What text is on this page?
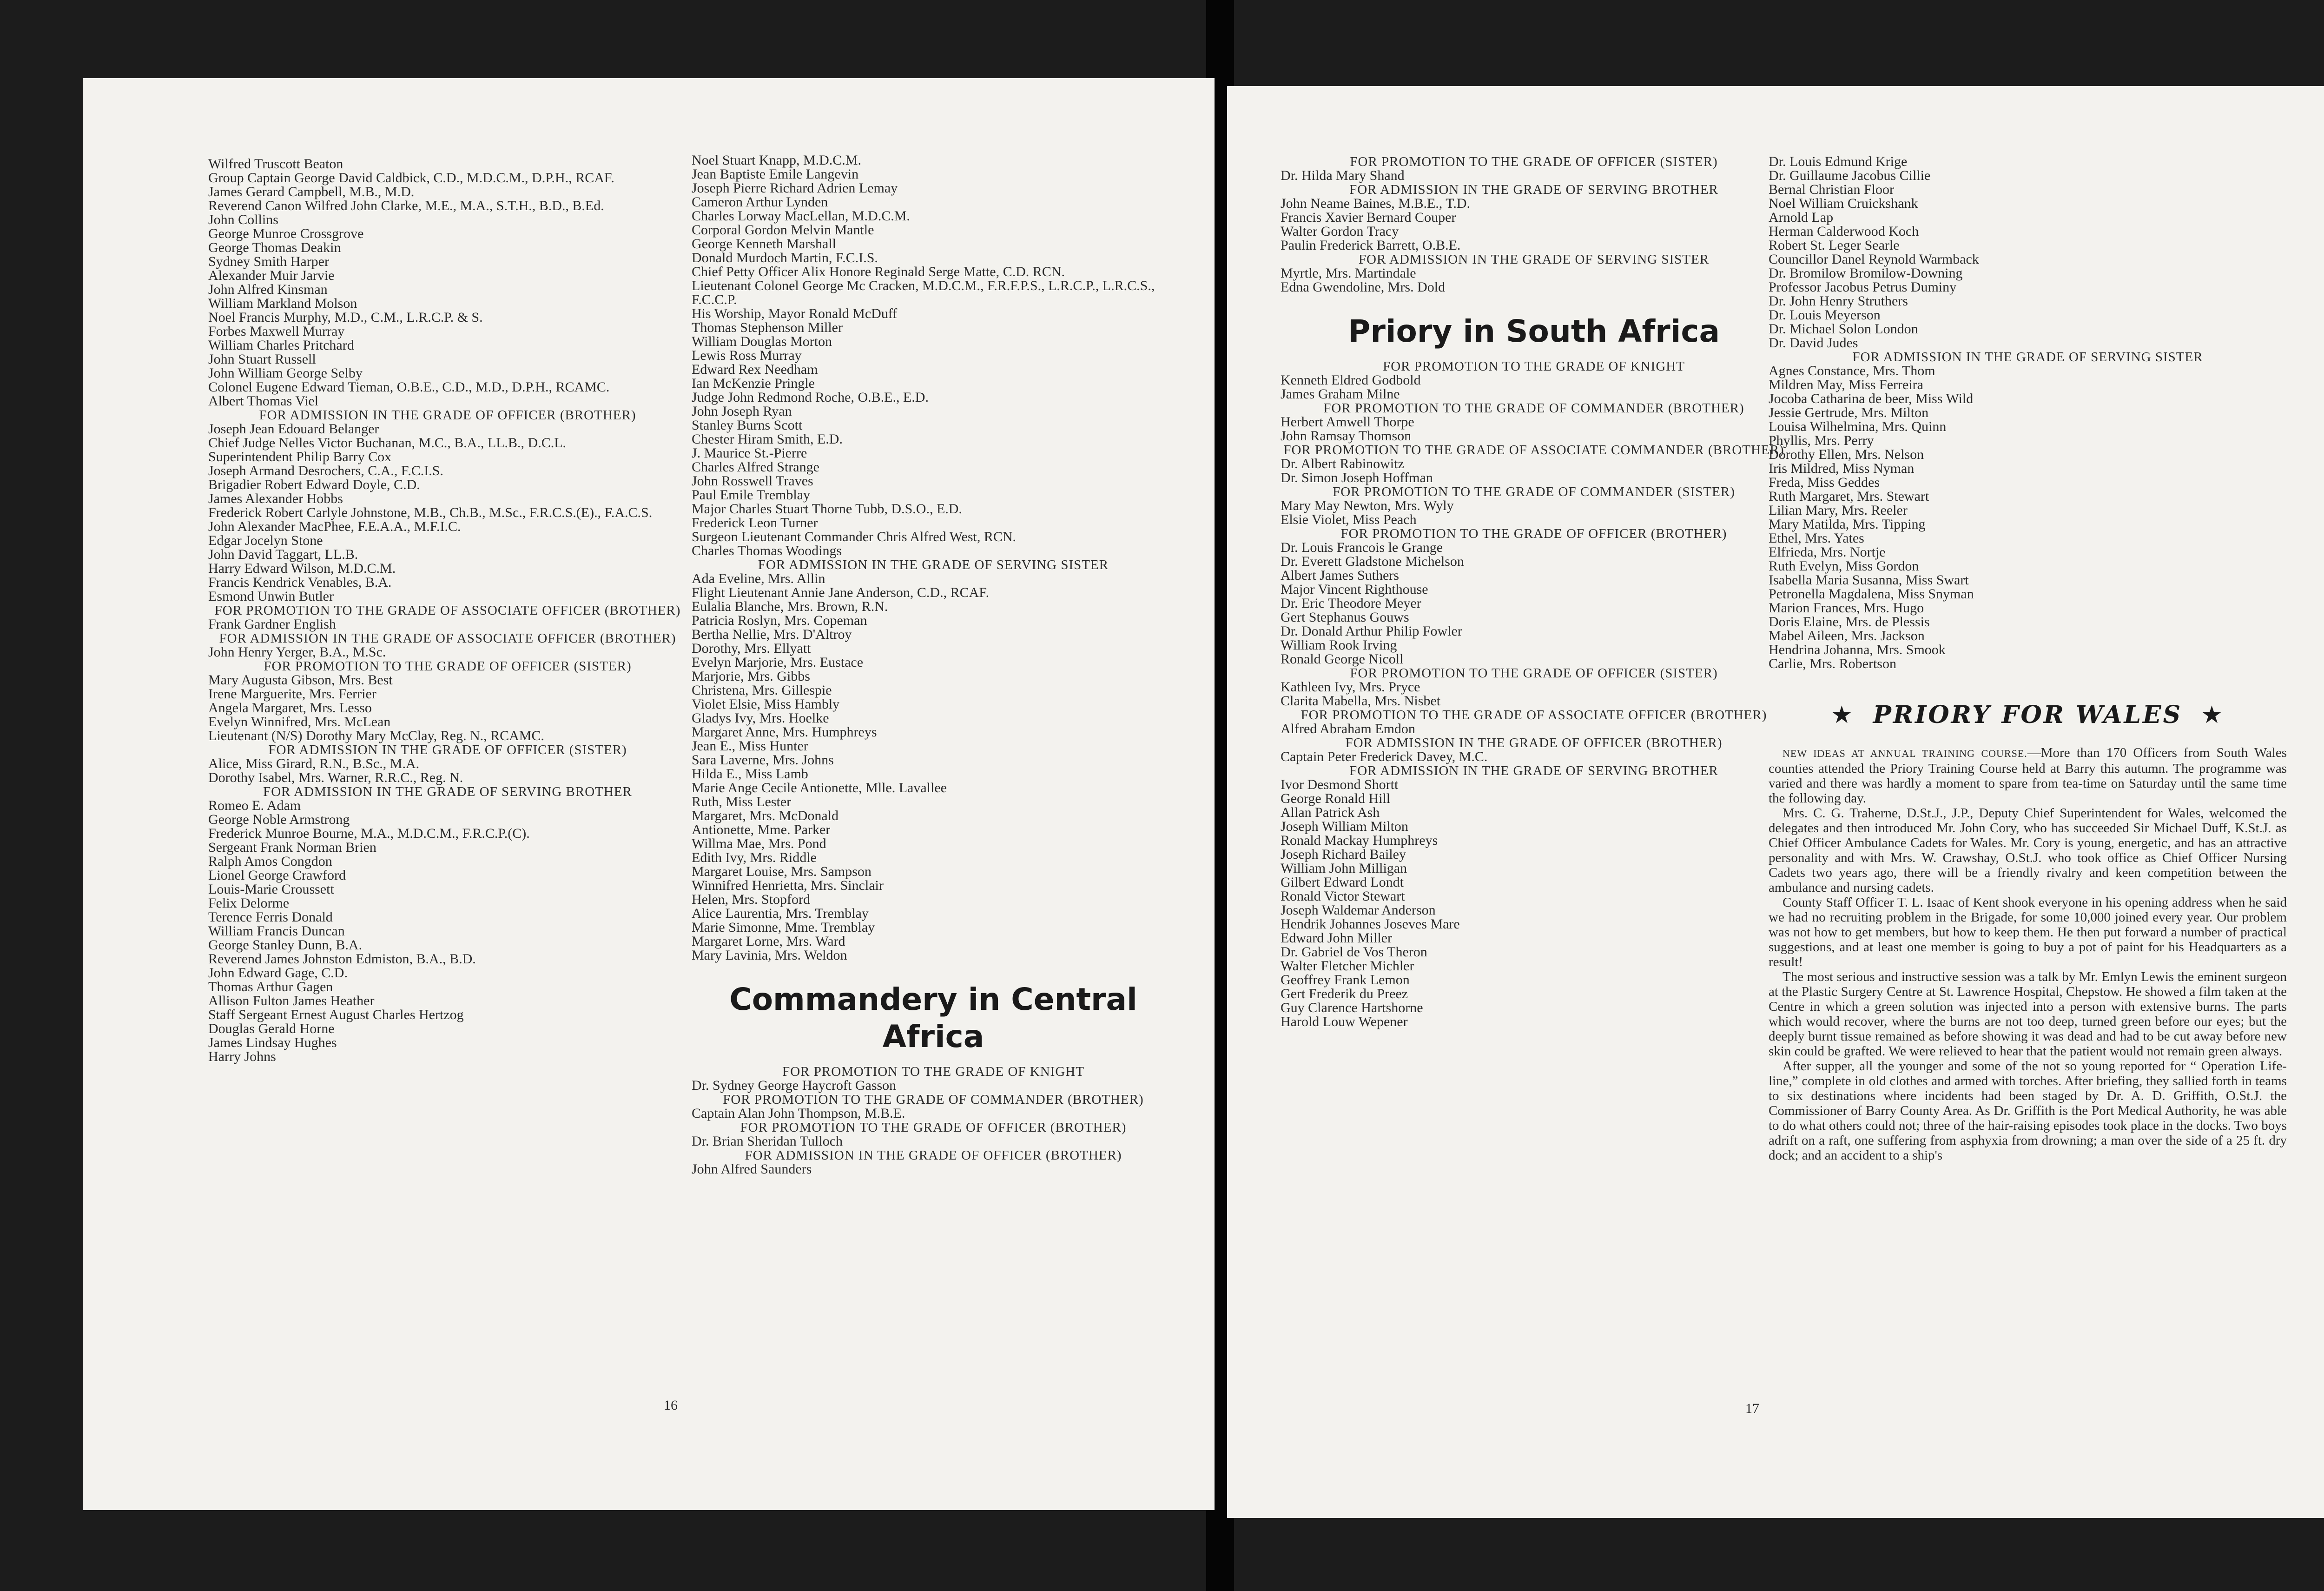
Wilfred Truscott Beaton

Group Captain George David Caldbick, C.D., M.D.C.M., D.P.H., RCAF.

James Gerard Campbell, M.B., M.D.

Reverend Canon Wilfred John Clarke, M.E., M.A., S.T.H., B.D., B.Ed.

John Collins

George Munroe Crossgrove

George Thomas Deakin

Sydney Smith Harper

Alexander Muir Jarvie

John Alfred Kinsman

William Markland Molson

Noel Francis Murphy, M.D., C.M., L.R.C.P. & S.

Forbes Maxwell Murray

William Charles Pritchard

John Stuart Russell

John William George Selby

Colonel Eugene Edward Tieman, O.B.E., C.D., M.D., D.P.H., RCAMC.

Albert Thomas Viel

FOR ADMISSION IN THE GRADE OF OFFICER (BROTHER)

Joseph Jean Edouard Belanger

Chief Judge Nelles Victor Buchanan, M.C., B.A., LL.B., D.C.L.

Superintendent Philip Barry Cox

Joseph Armand Desrochers, C.A., F.C.I.S.

Brigadier Robert Edward Doyle, C.D.

James Alexander Hobbs

Frederick Robert Carlyle Johnstone, M.B., Ch.B., M.Sc., F.R.C.S.(E)., F.A.C.S.

John Alexander MacPhee, F.E.A.A., M.F.I.C.

Edgar Jocelyn Stone

John David Taggart, LL.B.

Harry Edward Wilson, M.D.C.M.

Francis Kendrick Venables, B.A.

Esmond Unwin Butler

FOR PROMOTION TO THE GRADE OF ASSOCIATE OFFICER (BROTHER)

Frank Gardner English

FOR ADMISSION IN THE GRADE OF ASSOCIATE OFFICER (BROTHER)

John Henry Yerger, B.A., M.Sc.

FOR PROMOTION TO THE GRADE OF OFFICER (SISTER)

Mary Augusta Gibson, Mrs. Best

Irene Marguerite, Mrs. Ferrier

Angela Margaret, Mrs. Lesso

Evelyn Winnifred, Mrs. McLean

Lieutenant (N/S) Dorothy Mary McClay, Reg. N., RCAMC.

FOR ADMISSION IN THE GRADE OF OFFICER (SISTER)

Alice, Miss Girard, R.N., B.Sc., M.A.

Dorothy Isabel, Mrs. Warner, R.R.C., Reg. N.

FOR ADMISSION IN THE GRADE OF SERVING BROTHER

Romeo E. Adam

George Noble Armstrong

Frederick Munroe Bourne, M.A., M.D.C.M., F.R.C.P.(C).

Sergeant Frank Norman Brien

Ralph Amos Congdon

Lionel George Crawford

Louis-Marie Croussett

Felix Delorme

Terence Ferris Donald

William Francis Duncan

George Stanley Dunn, B.A.

Reverend James Johnston Edmiston, B.A., B.D.

John Edward Gage, C.D.

Thomas Arthur Gagen

Allison Fulton James Heather

Staff Sergeant Ernest August Charles Hertzog

Douglas Gerald Horne

James Lindsay Hughes

Harry Johns

Noel Stuart Knapp, M.D.C.M.

Jean Baptiste Emile Langevin

Joseph Pierre Richard Adrien Lemay

Cameron Arthur Lynden

Charles Lorway MacLellan, M.D.C.M.

Corporal Gordon Melvin Mantle

George Kenneth Marshall

Donald Murdoch Martin, F.C.I.S.

Chief Petty Officer Alix Honore Reginald Serge Matte, C.D. RCN.

Lieutenant Colonel George Mc Cracken, M.D.C.M., F.R.F.P.S., L.R.C.P., L.R.C.S., F.C.C.P.

His Worship, Mayor Ronald McDuff

Thomas Stephenson Miller

William Douglas Morton

Lewis Ross Murray

Edward Rex Needham

Ian McKenzie Pringle

Judge John Redmond Roche, O.B.E., E.D.

John Joseph Ryan

Stanley Burns Scott

Chester Hiram Smith, E.D.

J. Maurice St.-Pierre

Charles Alfred Strange

John Rosswell Traves

Paul Emile Tremblay

Major Charles Stuart Thorne Tubb, D.S.O., E.D.

Frederick Leon Turner

Surgeon Lieutenant Commander Chris Alfred West, RCN.

Charles Thomas Woodings

FOR ADMISSION IN THE GRADE OF SERVING SISTER

Ada Eveline, Mrs. Allin

Flight Lieutenant Annie Jane Anderson, C.D., RCAF.

Eulalia Blanche, Mrs. Brown, R.N.

Patricia Roslyn, Mrs. Copeman

Bertha Nellie, Mrs. D'Altroy

Dorothy, Mrs. Ellyatt

Evelyn Marjorie, Mrs. Eustace

Marjorie, Mrs. Gibbs

Christena, Mrs. Gillespie

Violet Elsie, Miss Hambly

Gladys Ivy, Mrs. Hoelke

Margaret Anne, Mrs. Humphreys

Jean E., Miss Hunter

Sara Laverne, Mrs. Johns

Hilda E., Miss Lamb

Marie Ange Cecile Antionette, Mlle. Lavallee

Ruth, Miss Lester

Margaret, Mrs. McDonald

Antionette, Mme. Parker

Willma Mae, Mrs. Pond

Edith Ivy, Mrs. Riddle

Margaret Louise, Mrs. Sampson

Winnifred Henrietta, Mrs. Sinclair

Helen, Mrs. Stopford

Alice Laurentia, Mrs. Tremblay

Marie Simonne, Mme. Tremblay

Margaret Lorne, Mrs. Ward

Mary Lavinia, Mrs. Weldon

Commandery in Central Africa

FOR PROMOTION TO THE GRADE OF KNIGHT

Dr. Sydney George Haycroft Gasson

FOR PROMOTION TO THE GRADE OF COMMANDER (BROTHER)

Captain Alan John Thompson, M.B.E.

FOR PROMOTION TO THE GRADE OF OFFICER (BROTHER)

Dr. Brian Sheridan Tulloch

FOR ADMISSION IN THE GRADE OF OFFICER (BROTHER)

John Alfred Saunders

16

FOR PROMOTION TO THE GRADE OF OFFICER (SISTER)

Dr. Hilda Mary Shand

FOR ADMISSION IN THE GRADE OF SERVING BROTHER

John Neame Baines, M.B.E., T.D.

Francis Xavier Bernard Couper

Walter Gordon Tracy

Paulin Frederick Barrett, O.B.E.

FOR ADMISSION IN THE GRADE OF SERVING SISTER

Myrtle, Mrs. Martindale

Edna Gwendoline, Mrs. Dold

Priory in South Africa

FOR PROMOTION TO THE GRADE OF KNIGHT

Kenneth Eldred Godbold

James Graham Milne

FOR PROMOTION TO THE GRADE OF COMMANDER (BROTHER)

Herbert Amwell Thorpe

John Ramsay Thomson

FOR PROMOTION TO THE GRADE OF ASSOCIATE COMMANDER (BROTHER)

Dr. Albert Rabinowitz

Dr. Simon Joseph Hoffman

FOR PROMOTION TO THE GRADE OF COMMANDER (SISTER)

Mary May Newton, Mrs. Wyly

Elsie Violet, Miss Peach

FOR PROMOTION TO THE GRADE OF OFFICER (BROTHER)

Dr. Louis Francois le Grange

Dr. Everett Gladstone Michelson

Albert James Suthers

Major Vincent Righthouse

Dr. Eric Theodore Meyer

Gert Stephanus Gouws

Dr. Donald Arthur Philip Fowler

William Rook Irving

Ronald George Nicoll

FOR PROMOTION TO THE GRADE OF OFFICER (SISTER)

Kathleen Ivy, Mrs. Pryce

Clarita Mabella, Mrs. Nisbet

FOR PROMOTION TO THE GRADE OF ASSOCIATE OFFICER (BROTHER)

Alfred Abraham Emdon

FOR ADMISSION IN THE GRADE OF OFFICER (BROTHER)

Captain Peter Frederick Davey, M.C.

FOR ADMISSION IN THE GRADE OF SERVING BROTHER

Ivor Desmond Shortt

George Ronald Hill

Allan Patrick Ash

Joseph William Milton

Ronald Mackay Humphreys

Joseph Richard Bailey

William John Milligan

Gilbert Edward Londt

Ronald Victor Stewart

Joseph Waldemar Anderson

Hendrik Johannes Joseves Mare

Edward John Miller

Dr. Gabriel de Vos Theron

Walter Fletcher Michler

Geoffrey Frank Lemon

Gert Frederik du Preez

Guy Clarence Hartshorne

Harold Louw Wepener

Dr. Louis Edmund Krige

Dr. Guillaume Jacobus Cillie

Bernal Christian Floor

Noel William Cruickshank

Arnold Lap

Herman Calderwood Koch

Robert St. Leger Searle

Councillor Danel Reynold Warmback

Dr. Bromilow Bromilow-Downing

Professor Jacobus Petrus Duminy

Dr. John Henry Struthers

Dr. Louis Meyerson

Dr. Michael Solon London

Dr. David Judes

FOR ADMISSION IN THE GRADE OF SERVING SISTER

Agnes Constance, Mrs. Thom

Mildren May, Miss Ferreira

Jocoba Catharina de beer, Miss Wild

Jessie Gertrude, Mrs. Milton

Louisa Wilhelmina, Mrs. Quinn

Phyllis, Mrs. Perry

Dorothy Ellen, Mrs. Nelson

Iris Mildred, Miss Nyman

Freda, Miss Geddes

Ruth Margaret, Mrs. Stewart

Lilian Mary, Mrs. Reeler

Mary Matilda, Mrs. Tipping

Ethel, Mrs. Yates

Elfrieda, Mrs. Nortje

Ruth Evelyn, Miss Gordon

Isabella Maria Susanna, Miss Swart

Petronella Magdalena, Miss Snyman

Marion Frances, Mrs. Hugo

Doris Elaine, Mrs. de Plessis

Mabel Aileen, Mrs. Jackson

Hendrina Johanna, Mrs. Smook

Carlie, Mrs. Robertson

★ PRIORY FOR WALES ★

NEW IDEAS AT ANNUAL TRAINING COURSE.—More than 170 Officers from South Wales counties attended the Priory Training Course held at Barry this autumn. The programme was varied and there was hardly a moment to spare from tea-time on Saturday until the same time the following day.

Mrs. C. G. Traherne, D.St.J., J.P., Deputy Chief Superintendent for Wales, welcomed the delegates and then introduced Mr. John Cory, who has succeeded Sir Michael Duff, K.St.J. as Chief Officer Ambulance Cadets for Wales. Mr. Cory is young, energetic, and has an attractive personality and with Mrs. W. Crawshay, O.St.J. who took office as Chief Officer Nursing Cadets two years ago, there will be a friendly rivalry and keen competition between the ambulance and nursing cadets.

County Staff Officer T. L. Isaac of Kent shook everyone in his opening address when he said we had no recruiting problem in the Brigade, for some 10,000 joined every year. Our problem was not how to get members, but how to keep them. He then put forward a number of practical suggestions, and at least one member is going to buy a pot of paint for his Headquarters as a result!

The most serious and instructive session was a talk by Mr. Emlyn Lewis the eminent surgeon at the Plastic Surgery Centre at St. Lawrence Hospital, Chepstow. He showed a film taken at the Centre in which a green solution was injected into a person with extensive burns. The parts which would recover, where the burns are not too deep, turned green before our eyes; but the deeply burnt tissue remained as before showing it was dead and had to be cut away before new skin could be grafted. We were relieved to hear that the patient would not remain green always.

After supper, all the younger and some of the not so young reported for “ Operation Life-line,” complete in old clothes and armed with torches. After briefing, they sallied forth in teams to six destinations where incidents had been staged by Dr. A. D. Griffith, O.St.J. the Commissioner of Barry County Area. As Dr. Griffith is the Port Medical Authority, he was able to do what others could not; three of the hair-raising episodes took place in the docks. Two boys adrift on a raft, one suffering from asphyxia from drowning; a man over the side of a 25 ft. dry dock; and an accident to a ship's

17
